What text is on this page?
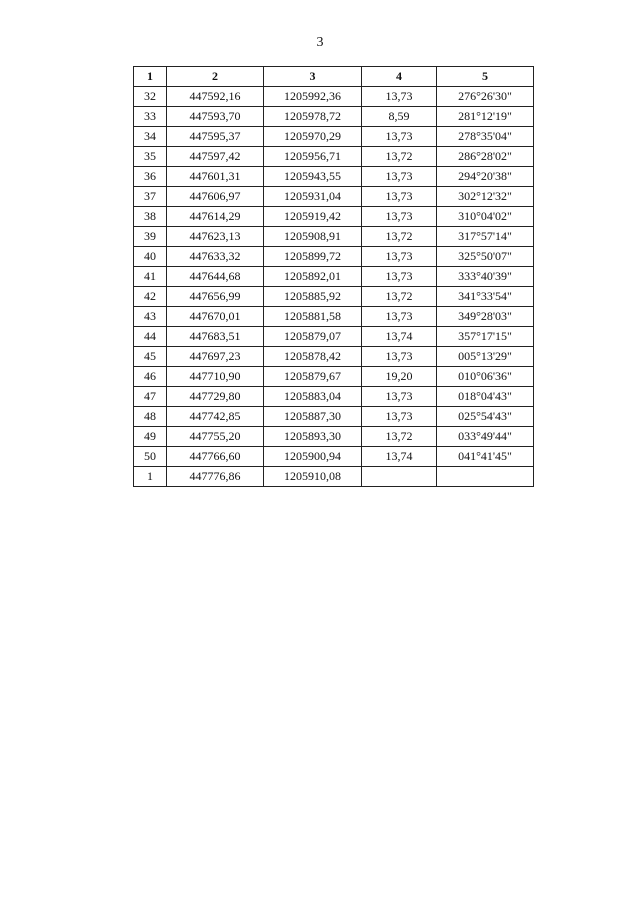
3
1	2	3	4	5
32	447592,16	1205992,36	13,73	276°26'30"
33	447593,70	1205978,72	8,59	281°12'19"
34	447595,37	1205970,29	13,73	278°35'04"
35	447597,42	1205956,71	13,72	286°28'02"
36	447601,31	1205943,55	13,73	294°20'38"
37	447606,97	1205931,04	13,73	302°12'32"
38	447614,29	1205919,42	13,73	310°04'02"
39	447623,13	1205908,91	13,72	317°57'14"
40	447633,32	1205899,72	13,73	325°50'07"
41	447644,68	1205892,01	13,73	333°40'39"
42	447656,99	1205885,92	13,72	341°33'54"
43	447670,01	1205881,58	13,73	349°28'03"
44	447683,51	1205879,07	13,74	357°17'15"
45	447697,23	1205878,42	13,73	005°13'29"
46	447710,90	1205879,67	19,20	010°06'36"
47	447729,80	1205883,04	13,73	018°04'43"
48	447742,85	1205887,30	13,73	025°54'43"
49	447755,20	1205893,30	13,72	033°49'44"
50	447766,60	1205900,94	13,74	041°41'45"
1	447776,86	1205910,08		
